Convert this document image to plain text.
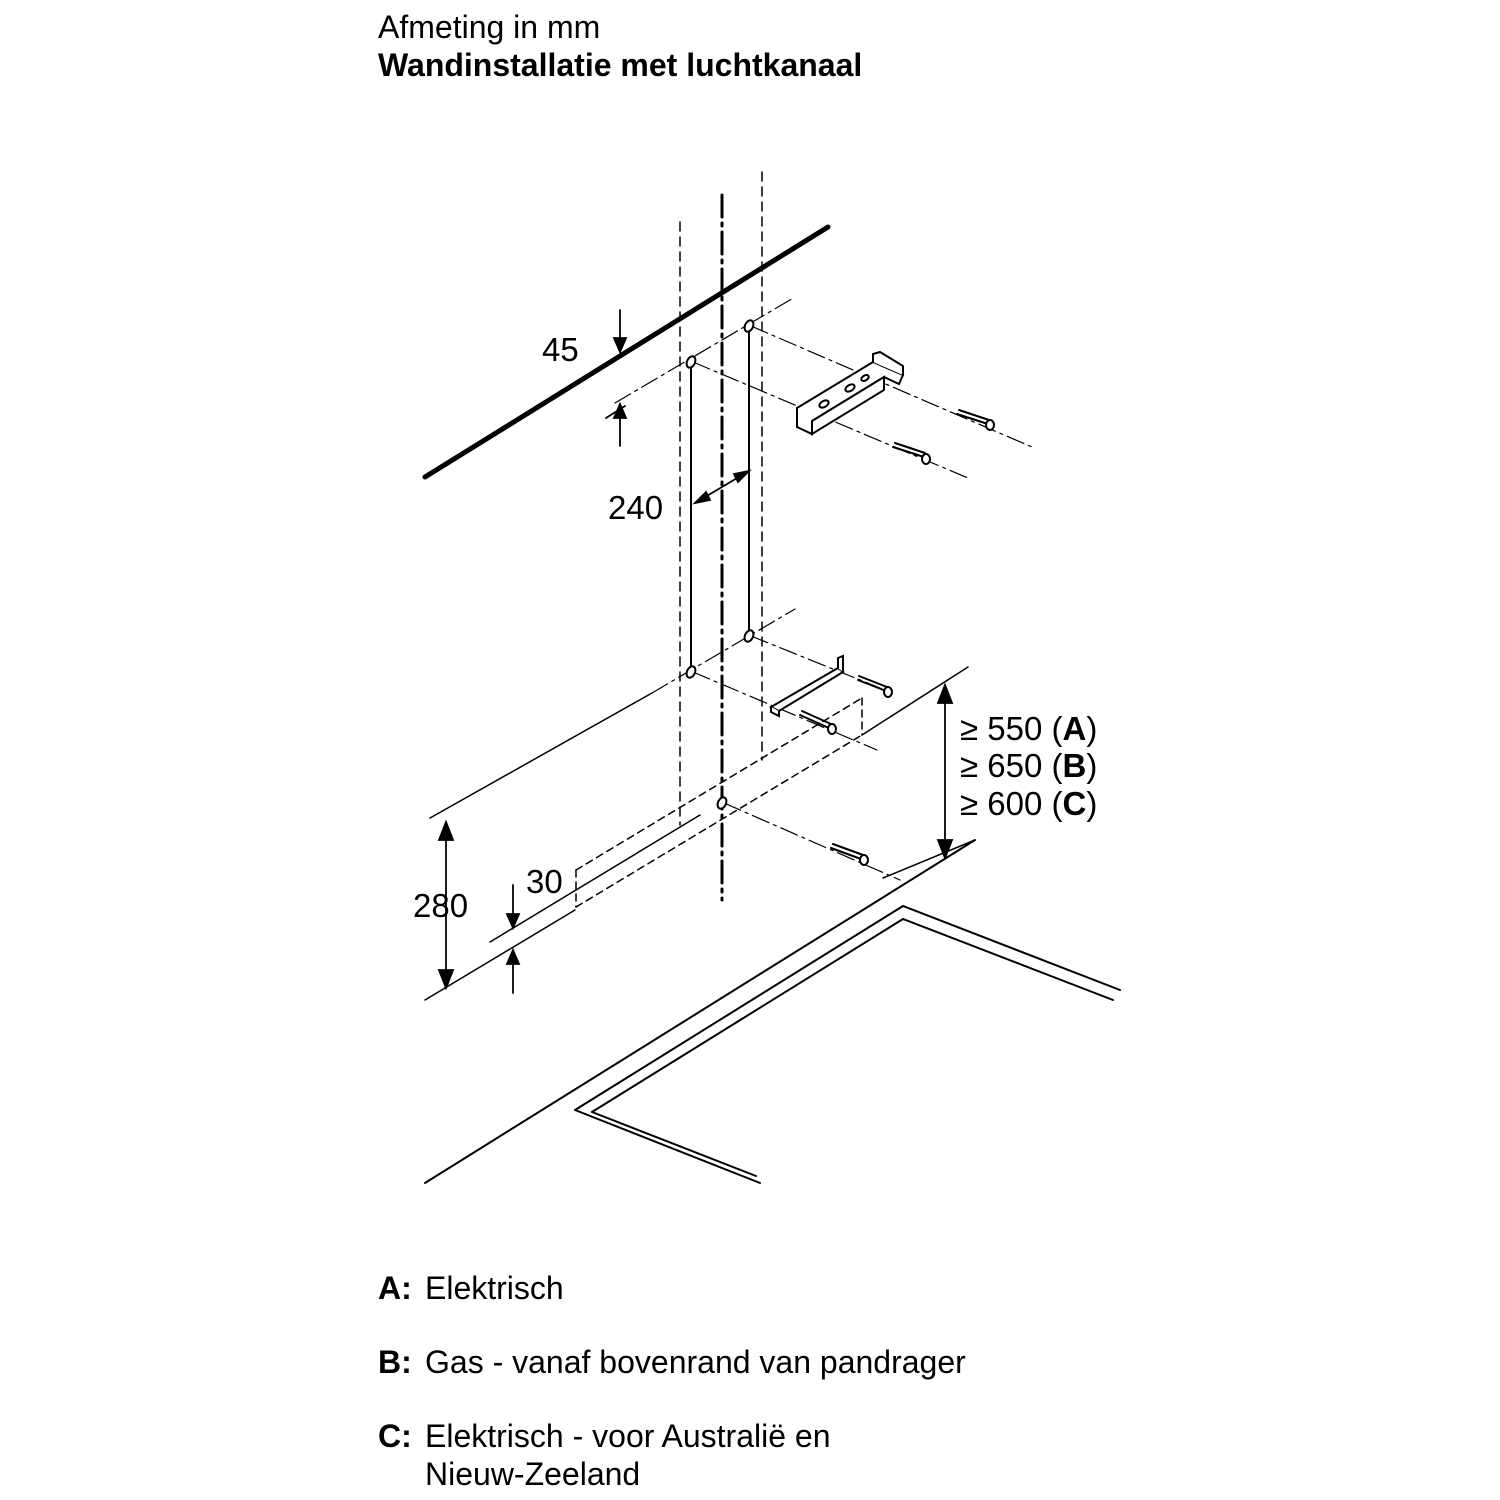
Afmeting in mm
Wandinstallatie met luchtkanaal
45
240
280
30
≥ 550 (A)
≥ 650 (B)
≥ 600 (C)
A: Elektrisch
B: Gas - vanaf bovenrand van pandrager
C: Elektrisch - voor Australië en
Nieuw-Zeeland
